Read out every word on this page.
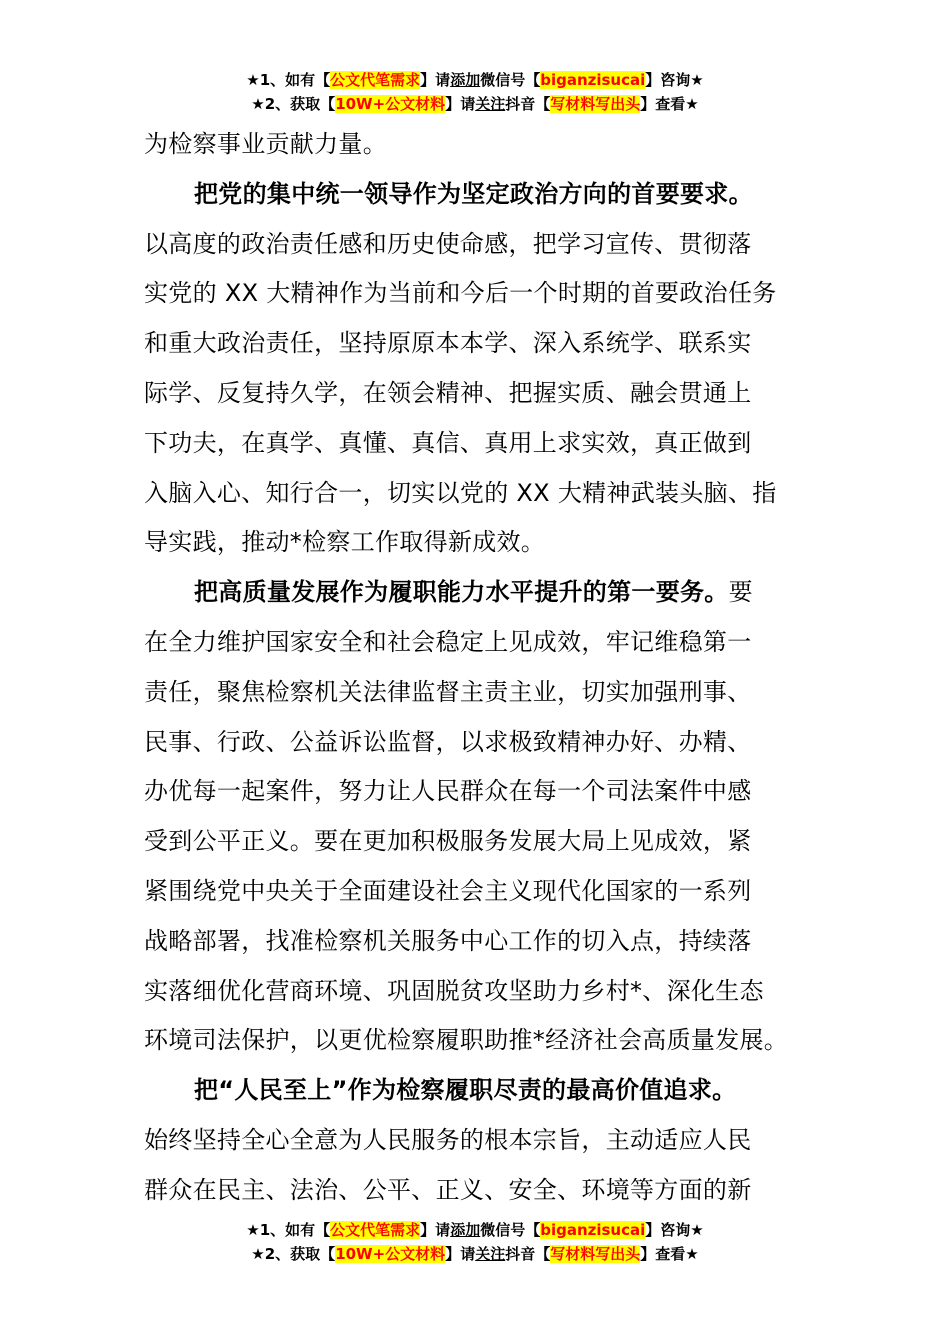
★1、如有【公文代笔需求】请添加微信号【biganzisucai】咨询★
★2、获取【10W+公文材料】请关注抖音【写材料写出头】查看★
为检察事业贡献力量。
把党的集中统一领导作为坚定政治方向的首要要求。
以高度的政治责任感和历史使命感，把学习宣传、贯彻落
实党的 XX 大精神作为当前和今后一个时期的首要政治任务
和重大政治责任，坚持原原本本学、深入系统学、联系实
际学、反复持久学，在领会精神、把握实质、融会贯通上
下功夫，在真学、真懂、真信、真用上求实效，真正做到
入脑入心、知行合一，切实以党的 XX 大精神武装头脑、指
导实践，推动*检察工作取得新成效。
把高质量发展作为履职能力水平提升的第一要务。要
在全力维护国家安全和社会稳定上见成效，牢记维稳第一
责任，聚焦检察机关法律监督主责主业，切实加强刑事、
民事、行政、公益诉讼监督，以求极致精神办好、办精、
办优每一起案件，努力让人民群众在每一个司法案件中感
受到公平正义。要在更加积极服务发展大局上见成效，紧
紧围绕党中央关于全面建设社会主义现代化国家的一系列
战略部署，找准检察机关服务中心工作的切入点，持续落
实落细优化营商环境、巩固脱贫攻坚助力乡村*、深化生态
环境司法保护，以更优检察履职助推*经济社会高质量发展。
把“人民至上”作为检察履职尽责的最高价值追求。
始终坚持全心全意为人民服务的根本宗旨，主动适应人民
群众在民主、法治、公平、正义、安全、环境等方面的新
★1、如有【公文代笔需求】请添加微信号【biganzisucai】咨询★
★2、获取【10W+公文材料】请关注抖音【写材料写出头】查看★
